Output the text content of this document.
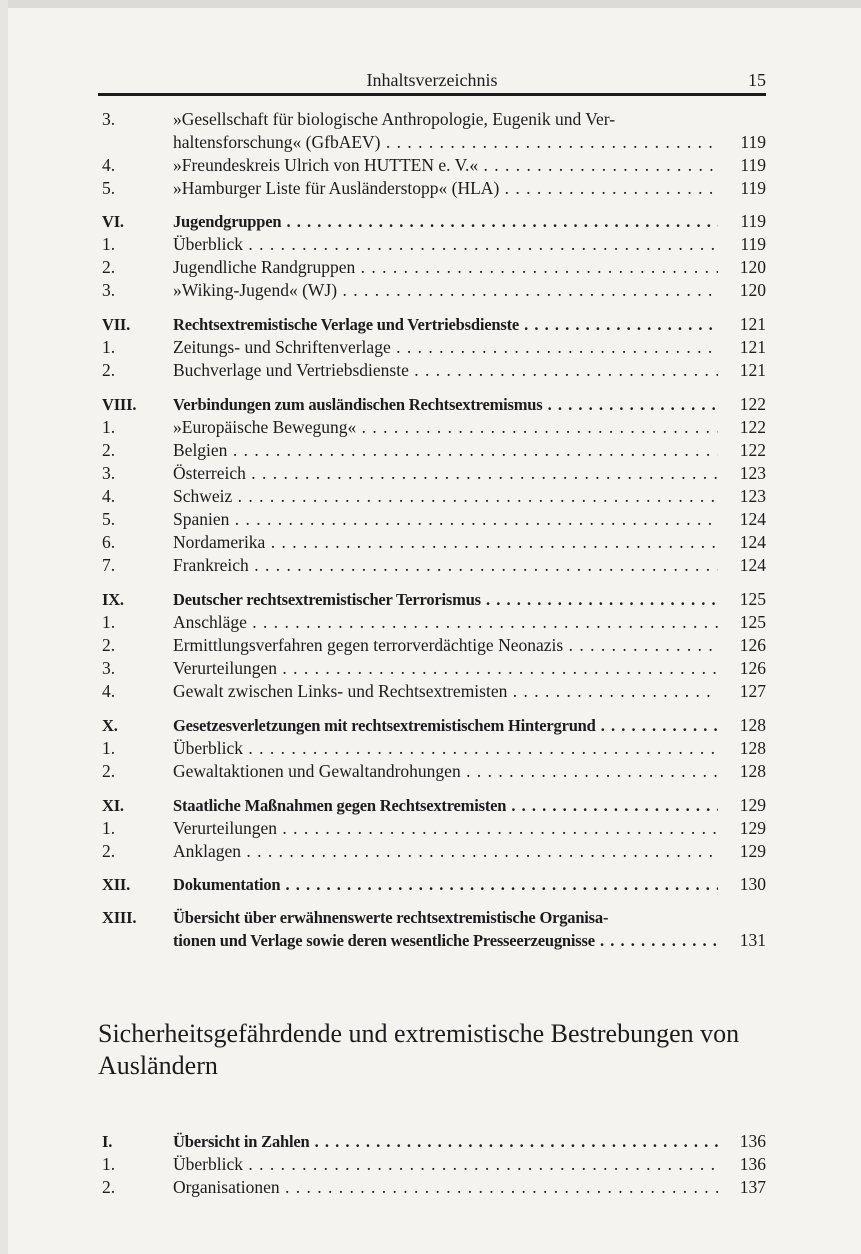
Inhaltsverzeichnis	15
Sicherheitsgefährdende und extremistische Bestrebungen von Ausländern
3.	»Gesellschaft für biologische Anthropologie, Eugenik und Ver-
haltensforschung« (GfbAEV) . . .	119
4.	»Freundeskreis Ulrich von HUTTEN e. V.« . . .	119
5.	»Hamburger Liste für Ausländerstopp« (HLA) . . .	119
VI.	Jugendgruppen . . .	119
1.	Überblick . . .	119
2.	Jugendliche Randgruppen . . .	120
3.	»Wiking-Jugend« (WJ) . . .	120
VII.	Rechtsextremistische Verlage und Vertriebsdienste . . .	121
1.	Zeitungs- und Schriftenverlage . . .	121
2.	Buchverlage und Vertriebsdienste . . .	121
VIII. Verbindungen zum ausländischen Rechtsextremismus . . .	122
1.	»Europäische Bewegung« . . .	122
2.	Belgien . . .	122
3.	Österreich . . .	123
4.	Schweiz . . .	123
5.	Spanien . . .	124
6.	Nordamerika . . .	124
7.	Frankreich . . .	124
IX.	Deutscher rechtsextremistischer Terrorismus . . .	125
1.	Anschläge . . .	125
2.	Ermittlungsverfahren gegen terrorverdächtige Neonazis . . .	126
3.	Verurteilungen . . .	126
4.	Gewalt zwischen Links- und Rechtsextremisten . . .	127
X.	Gesetzesverletzungen mit rechtsextremistischem Hintergrund . . .	128
1.	Überblick . . .	128
2.	Gewaltaktionen und Gewaltandrohungen . . .	128
XI.	Staatliche Maßnahmen gegen Rechtsextremisten . . .	129
1.	Verurteilungen . . .	129
2.	Anklagen . . .	129
XII.	Dokumentation . . .	130
XIII. Übersicht über erwähnenswerte rechtsextremistische Organisa-
tionen und Verlage sowie deren wesentliche Presseerzeugnisse . . .	131
I.	Übersicht in Zahlen . . .	136
1.	Überblick . . .	136
2.	Organisationen . . .	137
